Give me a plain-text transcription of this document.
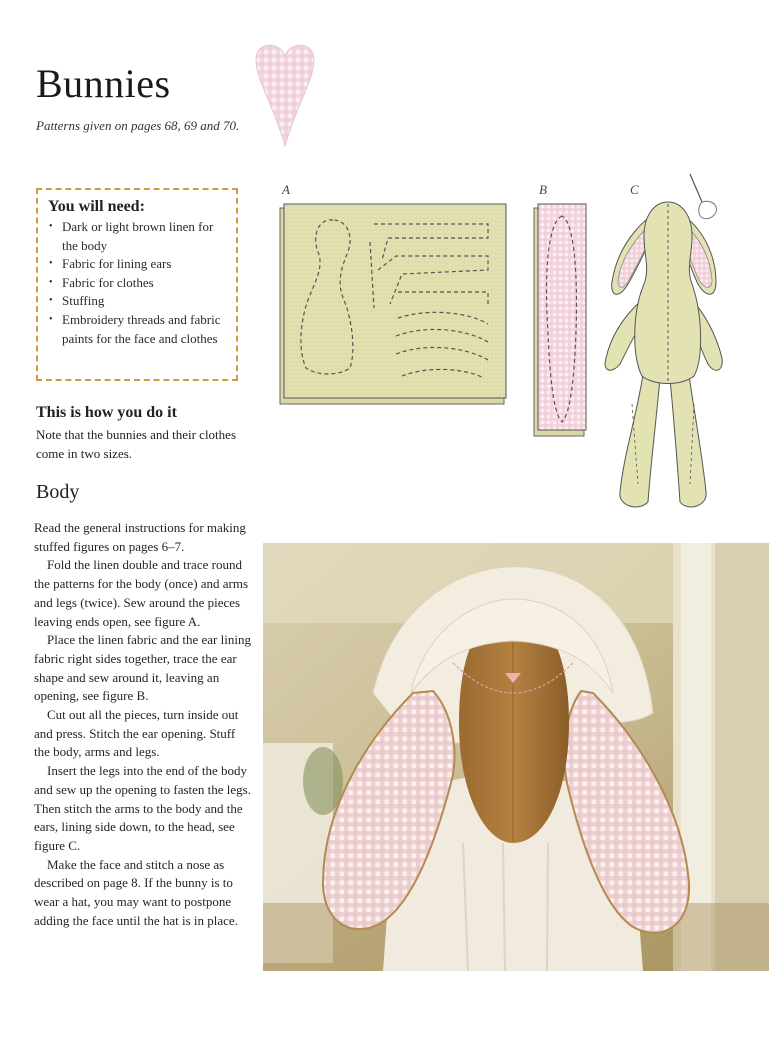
Bunnies
Patterns given on pages 68, 69 and 70.
You will need:
• Dark or light brown linen for the body
• Fabric for lining ears
• Fabric for clothes
• Stuffing
• Embroidery threads and fabric paints for the face and clothes
This is how you do it
Note that the bunnies and their clothes come in two sizes.
Body

Read the general instructions for making stuffed figures on pages 6–7.

Fold the linen double and trace round the patterns for the body (once) and arms and legs (twice). Sew around the pieces leaving ends open, see figure A.

Place the linen fabric and the ear lining fabric right sides together, trace the ear shape and sew around it, leaving an opening, see figure B.

Cut out all the pieces, turn inside out and press. Stitch the ear opening. Stuff the body, arms and legs.

Insert the legs into the end of the body and sew up the opening to fasten the legs. Then stitch the arms to the body and the ears, lining side down, to the head, see figure C.

Make the face and stitch a nose as described on page 8. If the bunny is to wear a hat, you may want to postpone adding the face until the hat is in place.

A	B	C
